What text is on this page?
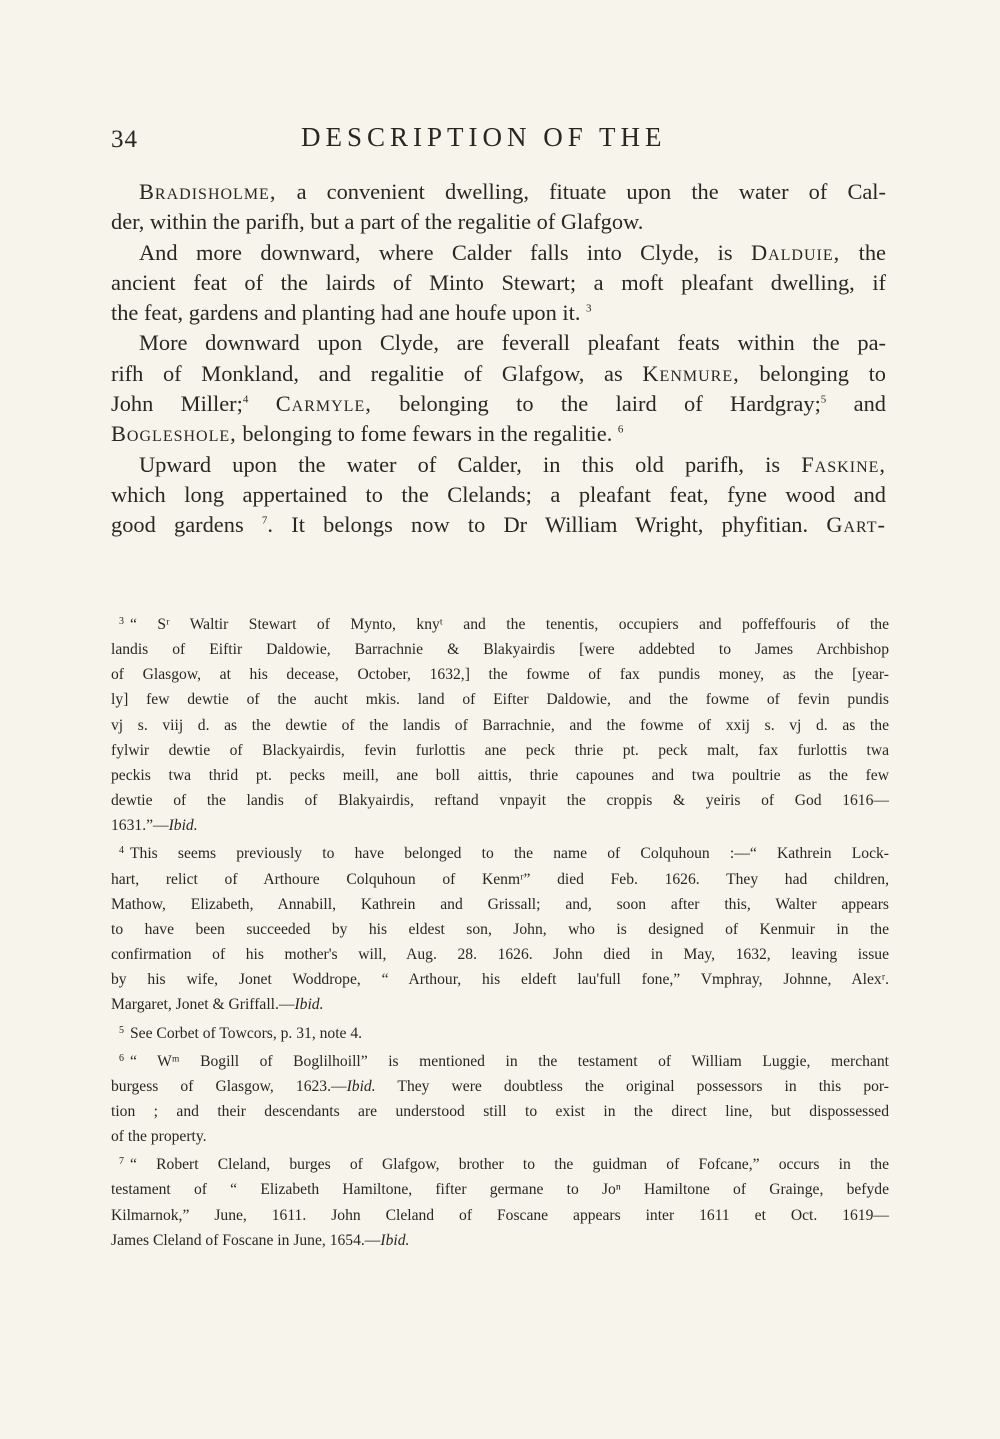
34	DESCRIPTION OF THE
Bradisholme, a convenient dwelling, fituate upon the water of Cal-
der, within the parifh, but a part of the regalitie of Glafgow.
And more downward, where Calder falls into Clyde, is Dalduie, the
ancient feat of the lairds of Minto Stewart; a moft pleafant dwelling, if
the feat, gardens and planting had ane houfe upon it. $^3$
More downward upon Clyde, are feverall pleafant feats within the pa-
rifh of Monkland, and regalitie of Glafgow, as Kenmure, belonging to
John Miller;$^4$ Carmyle, belonging to the laird of Hardgray;$^5$ and
Bogleshole, belonging to fome fewars in the regalitie. $^6$
Upward upon the water of Calder, in this old parifh, is Faskine,
which long appertained to the Clelands; a pleafant feat, fyne wood and
good gardens $^7$. It belongs now to Dr William Wright, phyfitian. Gart-
$^3$ “ Sʳ Waltir Stewart of Mynto, knyᵗ and the tenentis, occupiers and poffeffouris of the
landis of Eiftir Daldowie, Barrachnie & Blakyairdis [were addebted to James Archbishop
of Glasgow, at his decease, October, 1632,] the fowme of fax pundis money, as the [year-
ly] few dewtie of the aucht mkis. land of Eifter Daldowie, and the fowme of fevin pundis
vj s. viij d. as the dewtie of the landis of Barrachnie, and the fowme of xxij s. vj d. as the
fylwir dewtie of Blackyairdis, fevin furlottis ane peck thrie pt. peck malt, fax furlottis twa
peckis twa thrid pt. pecks meill, ane boll aittis, thrie capounes and twa poultrie as the few
dewtie of the landis of Blakyairdis, reftand vnpayit the croppis & yeiris of God 1616—
1631.”—Ibid.
$^4$ This seems previously to have belonged to the name of Colquhoun :—“ Kathrein Lock-
hart, relict of Arthoure Colquhoun of Kenmʳ” died Feb. 1626. They had children,
Mathow, Elizabeth, Annabill, Kathrein and Grissall; and, soon after this, Walter appears
to have been succeeded by his eldest son, John, who is designed of Kenmuir in the
confirmation of his mother's will, Aug. 28. 1626. John died in May, 1632, leaving issue
by his wife, Jonet Woddrope, “ Arthour, his eldeft lau'full fone,” Vmphray, Johnne, Alexʳ.
Margaret, Jonet & Griffall.—Ibid.
$^5$ See Corbet of Towcors, p. 31, note 4.
$^6$ “ Wᵐ Bogill of Boglilhoill” is mentioned in the testament of William Luggie, merchant
burgess of Glasgow, 1623.—Ibid. They were doubtless the original possessors in this por-
tion ; and their descendants are understood still to exist in the direct line, but dispossessed
of the property.
$^7$ “ Robert Cleland, burges of Glafgow, brother to the guidman of Fofcane,” occurs in the
testament of “ Elizabeth Hamiltone, fifter germane to Joⁿ Hamiltone of Grainge, befyde
Kilmarnok,” June, 1611. John Cleland of Foscane appears inter 1611 et Oct. 1619—
James Cleland of Foscane in June, 1654.—Ibid.
